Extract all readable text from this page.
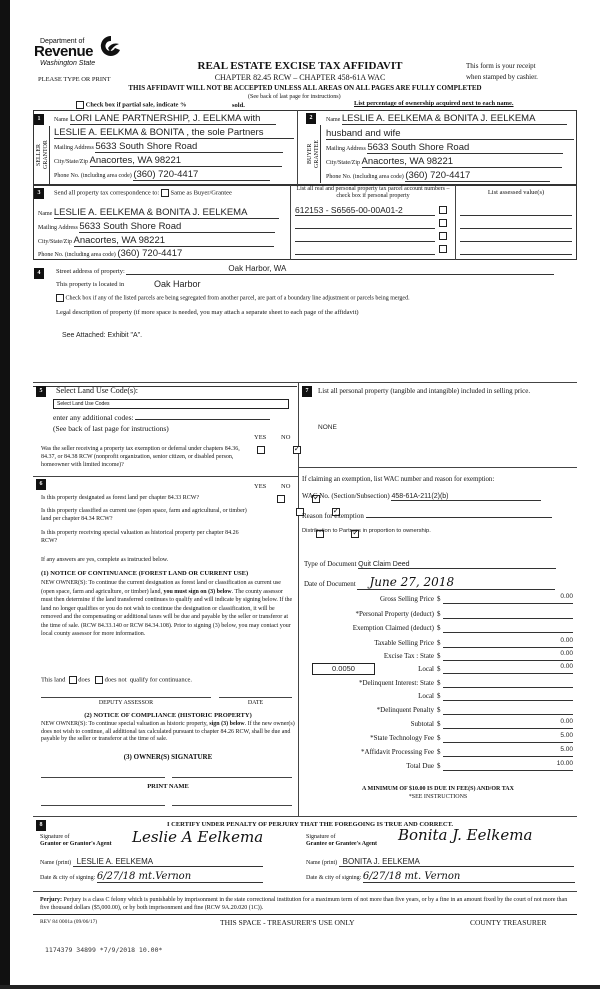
Department of
Revenue
Washington State	REAL ESTATE EXCISE TAX AFFIDAVIT
CHAPTER 82.45 RCW – CHAPTER 458-61A WAC
PLEASE TYPE OR PRINT
This form is your receipt
when stamped by cashier.
THIS AFFIDAVIT WILL NOT BE ACCEPTED UNLESS ALL AREAS ON ALL PAGES ARE FULLY COMPLETED
(See back of last page for instructions)
Check box if partial sale, indicate %	sold.	List percentage of ownership acquired next to each name.
1
SELLER GRANTOR
Name LORI LANE PARTNERSHIP, J. EELKMA with
LESLIE A. EELKMA & BONITA , the sole Partners
Mailing Address 5633 South Shore Road
City/State/Zip Anacortes, WA 98221
Phone No. (including area code) (360) 720-4417
2
BUYER GRANTEE
Name LESLIE A. EELKEMA & BONITA J. EELKEMA
husband and wife
Mailing Address 5633 South Shore Road
City/State/Zip Anacortes, WA 98221
Phone No. (including area code) (360) 720-4417
3	Send all property tax correspondence to: Same as Buyer/Grantee
Name LESLIE A. EELKEMA & BONITA J. EELKEMA
Mailing Address 5633 South Shore Road
City/State/Zip Anacortes, WA 98221
Phone No. (including area code) (360) 720-4417
List all real and personal property tax parcel account numbers – check box if personal property	List assessed value(s)
612153 - S6565-00-00A01-2
4	Street address of property:	Oak Harbor, WA
This property is located in	Oak Harbor
Check box if any of the listed parcels are being segregated from another parcel, are part of a boundary line adjustment or parcels being merged.
Legal description of property (if more space is needed, you may attach a separate sheet to each page of the affidavit)
See Attached: Exhibit "A".
5	Select Land Use Code(s):
Select Land Use Codes
enter any additional codes:
(See back of last page for instructions)
YES NO
Was the seller receiving a property tax exemption or deferral under chapters 84.36, 84.37, or 84.38 RCW (nonprofit organization, senior citizen, or disabled person, homeowner with limited income)?
✓
6	YES NO
Is this property designated as forest land per chapter 84.33 RCW?
✓
Is this property classified as current use (open space, farm and agricultural, or timber) land per chapter 84.34 RCW?
✓
Is this property receiving special valuation as historical property per chapter 84.26 RCW?
✓
If any answers are yes, complete as instructed below.
(1) NOTICE OF CONTINUANCE (FOREST LAND OR CURRENT USE)
NEW OWNER(S): To continue the current designation as forest land or classification as current use (open space, farm and agriculture, or timber) land, you must sign on (3) below. The county assessor must then determine if the land transferred continues to qualify and will indicate by signing below. If the land no longer qualifies or you do not wish to continue the designation or classification, it will be removed and the compensating or additional taxes will be due and payable by the seller or transferor at the time of sale. (RCW 84.33.140 or RCW 84.34.108). Prior to signing (3) below, you may contact your local county assessor for more information.
This land does does not qualify for continuance.
DEPUTY ASSESSOR	DATE
(2) NOTICE OF COMPLIANCE (HISTORIC PROPERTY)
NEW OWNER(S): To continue special valuation as historic property, sign (3) below. If the new owner(s) does not wish to continue, all additional tax calculated pursuant to chapter 84.26 RCW, shall be due and payable by the seller or transferor at the time of sale.
(3) OWNER(S) SIGNATURE
PRINT NAME
7	List all personal property (tangible and intangible) included in selling price.
NONE
If claiming an exemption, list WAC number and reason for exemption:
WAC No. (Section/Subsection) 458-61A-211(2)(b)
Reason for exemption
Distribution to Partners in proportion to ownership.
Type of Document Quit Claim Deed
Date of Document June 27, 2018
Gross Selling Price $	0.00
*Personal Property (deduct) $
Exemption Claimed (deduct) $
Taxable Selling Price $	0.00
Excise Tax : State $	0.00
0.0050	Local $	0.00
*Delinquent Interest: State $
Local $
*Delinquent Penalty $
Subtotal $	0.00
*State Technology Fee $	5.00
*Affidavit Processing Fee $	5.00
Total Due $	10.00
A MINIMUM OF $10.00 IS DUE IN FEE(S) AND/OR TAX
*SEE INSTRUCTIONS
8	I CERTIFY UNDER PENALTY OF PERJURY THAT THE FOREGOING IS TRUE AND CORRECT.
Signature of
Grantor or Grantor's Agent Leslie A Eelkema
Name (print) LESLIE A. EELKEMA
Date & city of signing: 6/27/18 mt.Vernon
Signature of
Grantee or Grantee's Agent Bonita J. Eelkema
Name (print) BONITA J. EELKEMA
Date & city of signing: 6/27/18 mt. Vernon
Perjury: Perjury is a class C felony which is punishable by imprisonment in the state correctional institution for a maximum term of not more than five years, or by a fine in an amount fixed by the court of not more than five thousand dollars ($5,000.00), or by both imprisonment and fine (RCW 9A.20.020 (1C)).
REV 84 0001a (09/06/17)	THIS SPACE - TREASURER'S USE ONLY	COUNTY TREASURER
1174379 34899 *7/9/2018 10.00*
